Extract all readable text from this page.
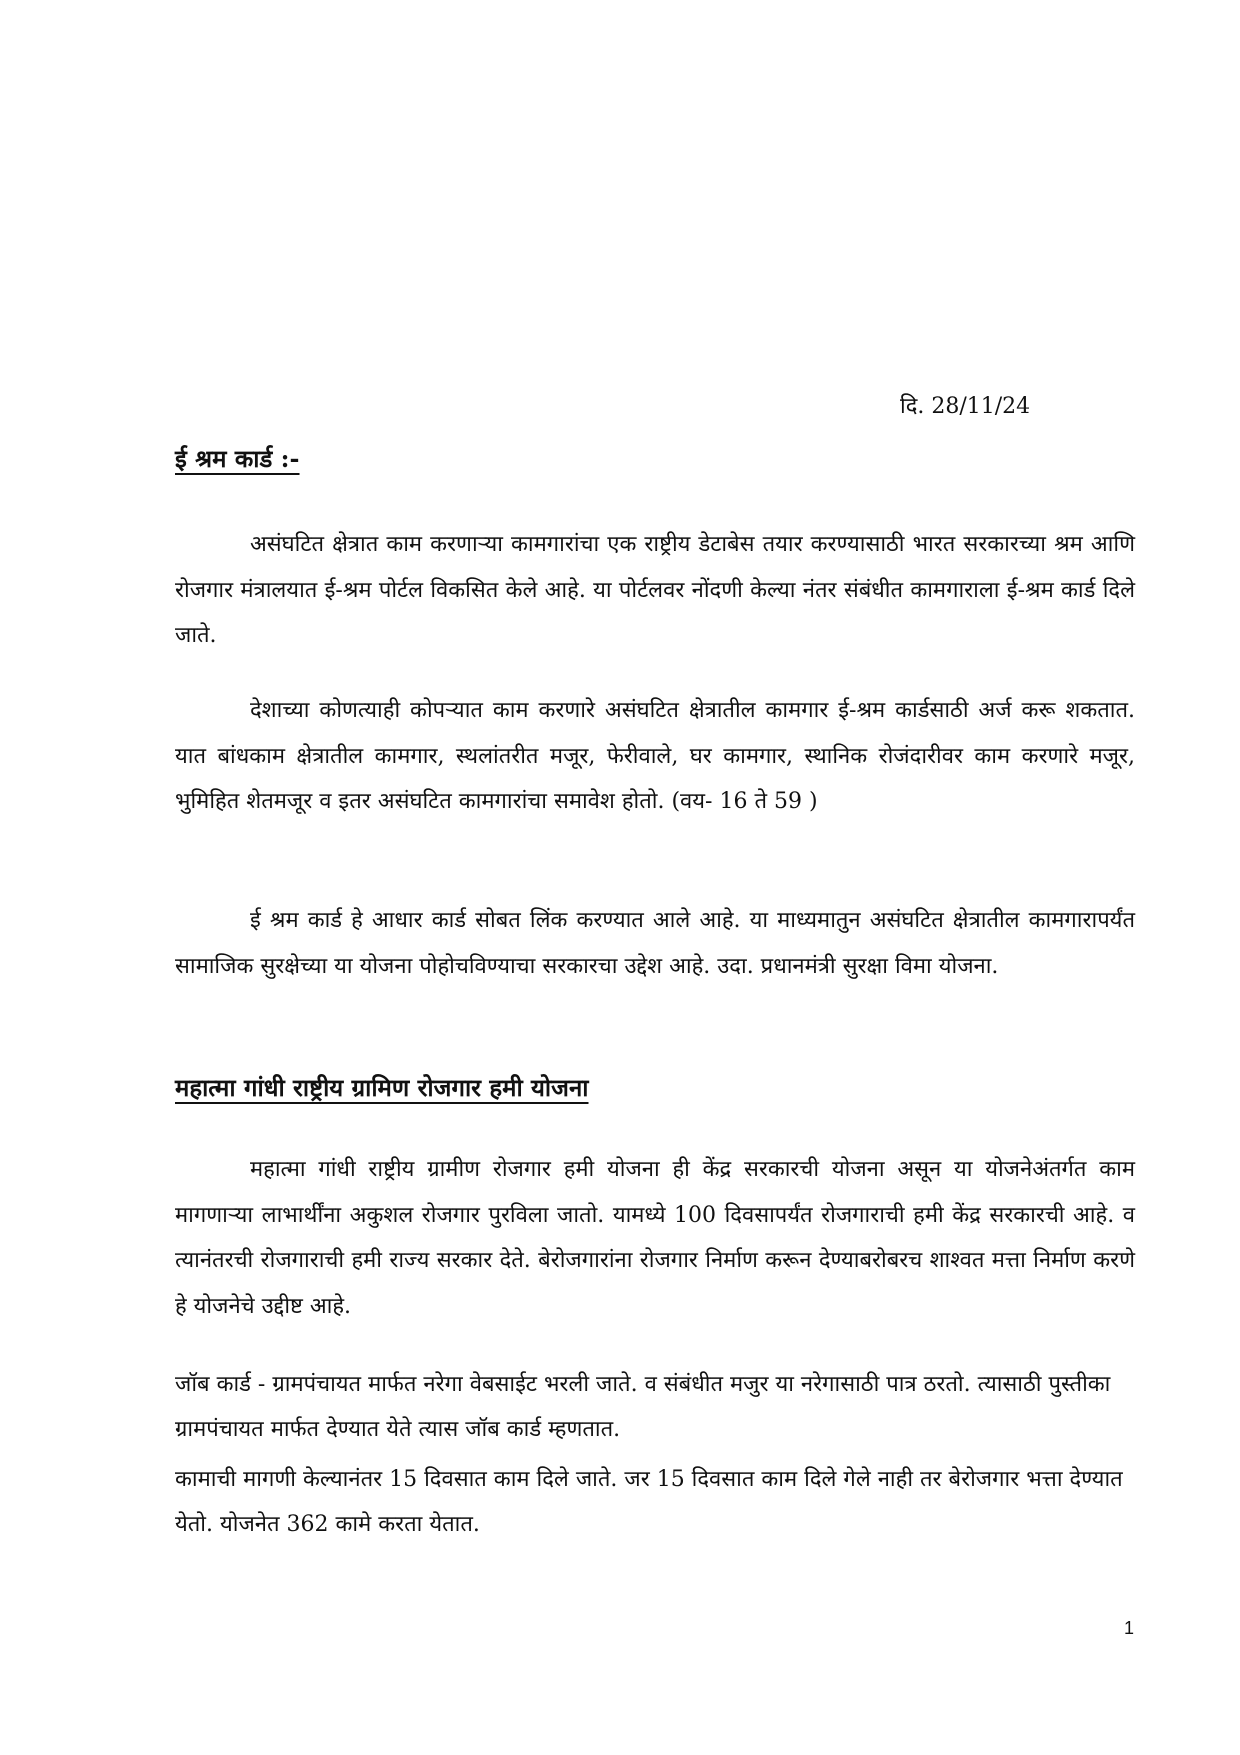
दि. 28/11/24
ई श्रम कार्ड :-

असंघटित क्षेत्रात काम करणाऱ्या कामगारांचा एक राष्ट्रीय डेटाबेस तयार करण्यासाठी भारत सरकारच्या श्रम आणि रोजगार मंत्रालयात ई-श्रम पोर्टल विकसित केले आहे. या पोर्टलवर नोंदणी केल्या नंतर संबंधीत कामगाराला ई-श्रम कार्ड दिले जाते.

देशाच्या कोणत्याही कोपऱ्यात काम करणारे असंघटित क्षेत्रातील कामगार ई-श्रम कार्डसाठी अर्ज करू शकतात. यात बांधकाम क्षेत्रातील कामगार, स्थलांतरीत मजूर, फेरीवाले, घर कामगार, स्थानिक रोजंदारीवर काम करणारे मजूर, भुमिहित शेतमजूर व इतर असंघटित कामगारांचा समावेश होतो. (वय- 16 ते 59 )

ई श्रम कार्ड हे आधार कार्ड सोबत लिंक करण्यात आले आहे. या माध्यमातुन असंघटित क्षेत्रातील कामगारापर्यंत सामाजिक सुरक्षेच्या या योजना पोहोचविण्याचा सरकारचा उद्देश आहे. उदा. प्रधानमंत्री सुरक्षा विमा योजना.

महात्मा गांधी राष्ट्रीय ग्रामिण रोजगार हमी योजना

महात्मा गांधी राष्ट्रीय ग्रामीण रोजगार हमी योजना ही केंद्र सरकारची योजना असून या योजनेअंतर्गत काम मागणाऱ्या लाभार्थींना अकुशल रोजगार पुरविला जातो. यामध्ये 100 दिवसापर्यंत रोजगाराची हमी केंद्र सरकारची आहे. व त्यानंतरची रोजगाराची हमी राज्य सरकार देते. बेरोजगारांना रोजगार निर्माण करून देण्याबरोबरच शाश्वत मत्ता निर्माण करणे हे योजनेचे उद्दीष्ट आहे.

जॉब कार्ड - ग्रामपंचायत मार्फत नरेगा वेबसाईट भरली जाते. व संबंधीत मजुर या नरेगासाठी पात्र ठरतो. त्यासाठी पुस्तीका ग्रामपंचायत मार्फत देण्यात येते त्यास जॉब कार्ड म्हणतात.

कामाची मागणी केल्यानंतर 15 दिवसात काम दिले जाते. जर 15 दिवसात काम दिले गेले नाही तर बेरोजगार भत्ता देण्यात येतो. योजनेत 362 कामे करता येतात.

1
